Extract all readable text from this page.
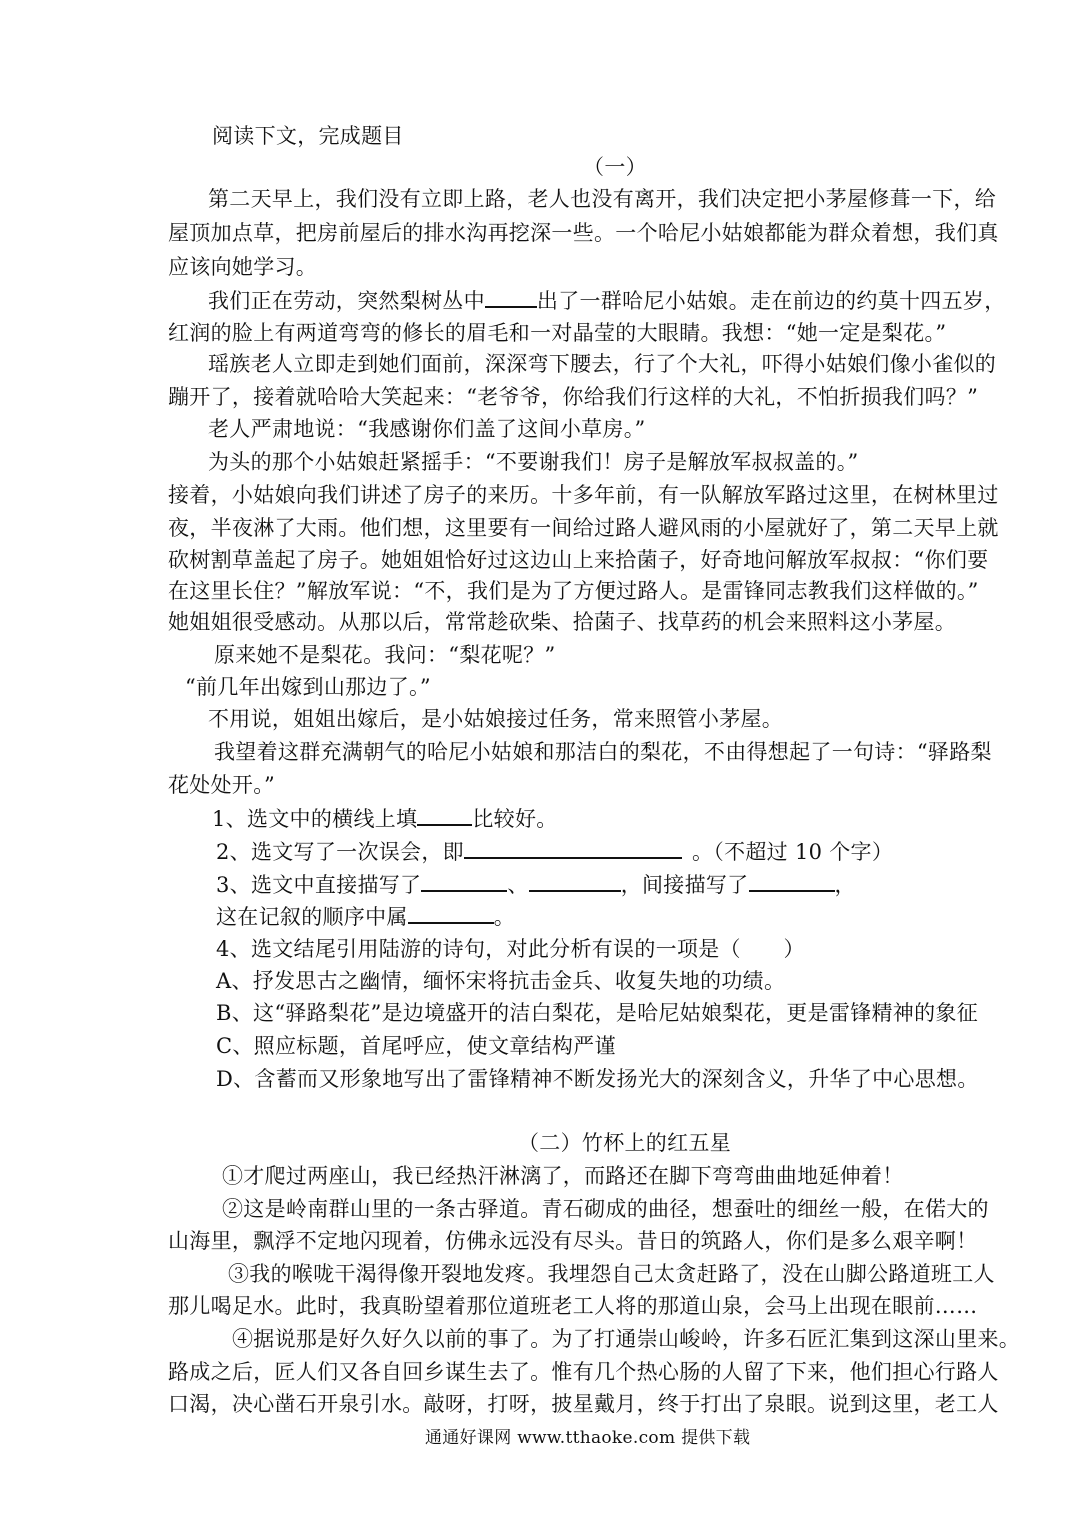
阅读下文，完成题目
（一）
第二天早上，我们没有立即上路，老人也没有离开，我们决定把小茅屋修葺一下，给
屋顶加点草，把房前屋后的排水沟再挖深一些。一个哈尼小姑娘都能为群众着想，我们真
应该向她学习。
我们正在劳动，突然梨树丛中 出了一群哈尼小姑娘。走在前边的约莫十四五岁，
红润的脸上有两道弯弯的修长的眉毛和一对晶莹的大眼睛。我想：“她一定是梨花。”
瑶族老人立即走到她们面前，深深弯下腰去，行了个大礼，吓得小姑娘们像小雀似的
蹦开了，接着就哈哈大笑起来：“老爷爷，你给我们行这样的大礼，不怕折损我们吗？”
老人严肃地说：“我感谢你们盖了这间小草房。”
为头的那个小姑娘赶紧摇手：“不要谢我们！房子是解放军叔叔盖的。”
接着，小姑娘向我们讲述了房子的来历。十多年前，有一队解放军路过这里，在树林里过
夜，半夜淋了大雨。他们想，这里要有一间给过路人避风雨的小屋就好了，第二天早上就
砍树割草盖起了房子。她姐姐恰好过这边山上来拾菌子，好奇地问解放军叔叔：“你们要
在这里长住？”解放军说：“不，我们是为了方便过路人。是雷锋同志教我们这样做的。”
她姐姐很受感动。从那以后，常常趁砍柴、拾菌子、找草药的机会来照料这小茅屋。
原来她不是梨花。我问：“梨花呢？”
“前几年出嫁到山那边了。”
不用说，姐姐出嫁后，是小姑娘接过任务，常来照管小茅屋。
我望着这群充满朝气的哈尼小姑娘和那洁白的梨花，不由得想起了一句诗：“驿路梨
花处处开。”
1、选文中的横线上填	比较好。
2、选文写了一次误会，即	。（不超过 10 个字）
3、选文中直接描写了	、	，间接描写了	，
这在记叙的顺序中属	。
4、选文结尾引用陆游的诗句，对此分析有误的一项是（　　）
A、抒发思古之幽情，缅怀宋将抗击金兵、收复失地的功绩。
B、这“驿路梨花”是边境盛开的洁白梨花，是哈尼姑娘梨花，更是雷锋精神的象征
C、照应标题，首尾呼应，使文章结构严谨
D、含蓄而又形象地写出了雷锋精神不断发扬光大的深刻含义，升华了中心思想。
（二）竹杯上的红五星
①才爬过两座山，我已经热汗淋漓了，而路还在脚下弯弯曲曲地延伸着！
②这是岭南群山里的一条古驿道。青石砌成的曲径，想蚕吐的细丝一般，在偌大的
山海里，飘浮不定地闪现着，仿佛永远没有尽头。昔日的筑路人，你们是多么艰辛啊！
③我的喉咙干渴得像开裂地发疼。我埋怨自己太贪赶路了，没在山脚公路道班工人
那儿喝足水。此时，我真盼望着那位道班老工人将的那道山泉，会马上出现在眼前……
④据说那是好久好久以前的事了。为了打通崇山峻岭，许多石匠汇集到这深山里来。
路成之后，匠人们又各自回乡谋生去了。惟有几个热心肠的人留了下来，他们担心行路人
口渴，决心凿石开泉引水。敲呀，打呀，披星戴月，终于打出了泉眼。说到这里，老工人
通通好课网 www.tthaoke.com 提供下载
